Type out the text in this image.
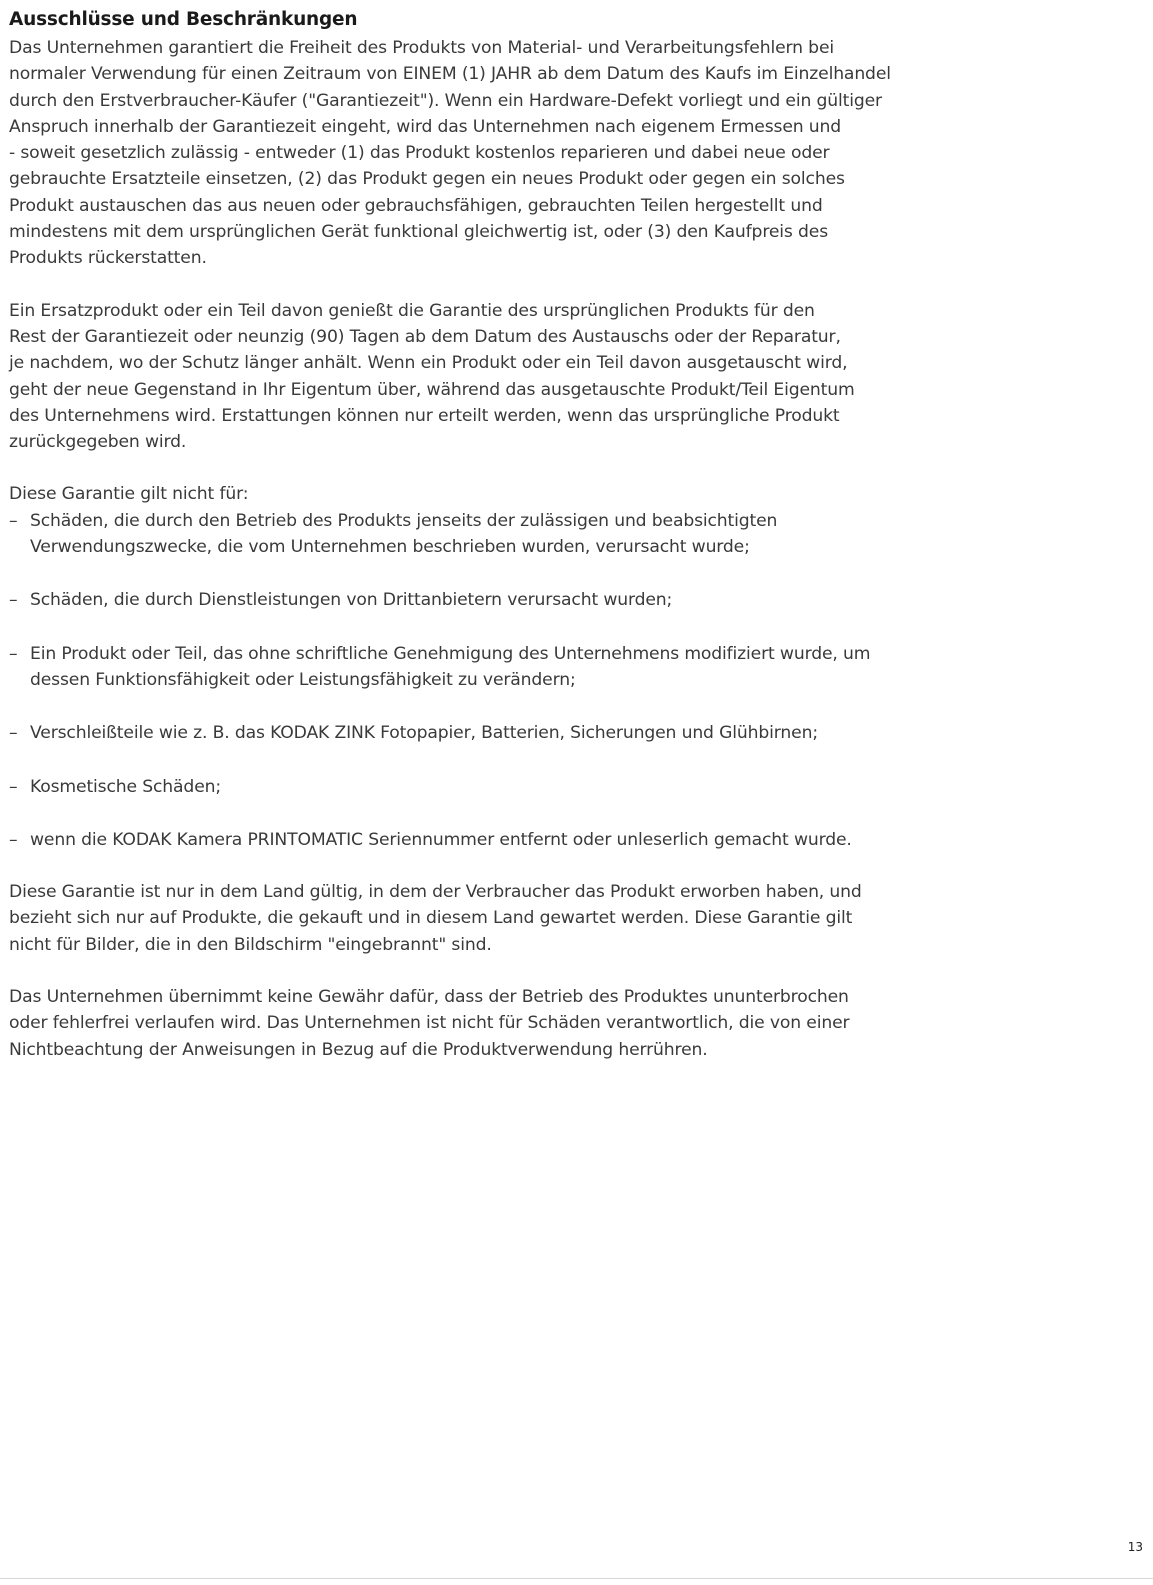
Ausschlüsse und Beschränkungen

Das Unternehmen garantiert die Freiheit des Produkts von Material- und Verarbeitungsfehlern bei
normaler Verwendung für einen Zeitraum von EINEM (1) JAHR ab dem Datum des Kaufs im Einzelhandel
durch den Erstverbraucher-Käufer ("Garantiezeit"). Wenn ein Hardware-Defekt vorliegt und ein gültiger
Anspruch innerhalb der Garantiezeit eingeht, wird das Unternehmen nach eigenem Ermessen und
- soweit gesetzlich zulässig - entweder (1) das Produkt kostenlos reparieren und dabei neue oder
gebrauchte Ersatzteile einsetzen, (2) das Produkt gegen ein neues Produkt oder gegen ein solches
Produkt austauschen das aus neuen oder gebrauchsfähigen, gebrauchten Teilen hergestellt und
mindestens mit dem ursprünglichen Gerät funktional gleichwertig ist, oder (3) den Kaufpreis des
Produkts rückerstatten.

Ein Ersatzprodukt oder ein Teil davon genießt die Garantie des ursprünglichen Produkts für den
Rest der Garantiezeit oder neunzig (90) Tagen ab dem Datum des Austauschs oder der Reparatur,
je nachdem, wo der Schutz länger anhält. Wenn ein Produkt oder ein Teil davon ausgetauscht wird,
geht der neue Gegenstand in Ihr Eigentum über, während das ausgetauschte Produkt/Teil Eigentum
des Unternehmens wird. Erstattungen können nur erteilt werden, wenn das ursprüngliche Produkt
zurückgegeben wird.

Diese Garantie gilt nicht für:

– Schäden, die durch den Betrieb des Produkts jenseits der zulässigen und beabsichtigten
Verwendungszwecke, die vom Unternehmen beschrieben wurden, verursacht wurde;
– Schäden, die durch Dienstleistungen von Drittanbietern verursacht wurden;
– Ein Produkt oder Teil, das ohne schriftliche Genehmigung des Unternehmens modifiziert wurde, um
dessen Funktionsfähigkeit oder Leistungsfähigkeit zu verändern;
– Verschleißteile wie z. B. das KODAK ZINK Fotopapier, Batterien, Sicherungen und Glühbirnen;
– Kosmetische Schäden;
– wenn die KODAK Kamera PRINTOMATIC Seriennummer entfernt oder unleserlich gemacht wurde.

Diese Garantie ist nur in dem Land gültig, in dem der Verbraucher das Produkt erworben haben, und
bezieht sich nur auf Produkte, die gekauft und in diesem Land gewartet werden. Diese Garantie gilt
nicht für Bilder, die in den Bildschirm "eingebrannt" sind.

Das Unternehmen übernimmt keine Gewähr dafür, dass der Betrieb des Produktes ununterbrochen
oder fehlerfrei verlaufen wird. Das Unternehmen ist nicht für Schäden verantwortlich, die von einer
Nichtbeachtung der Anweisungen in Bezug auf die Produktverwendung herrühren.

13
